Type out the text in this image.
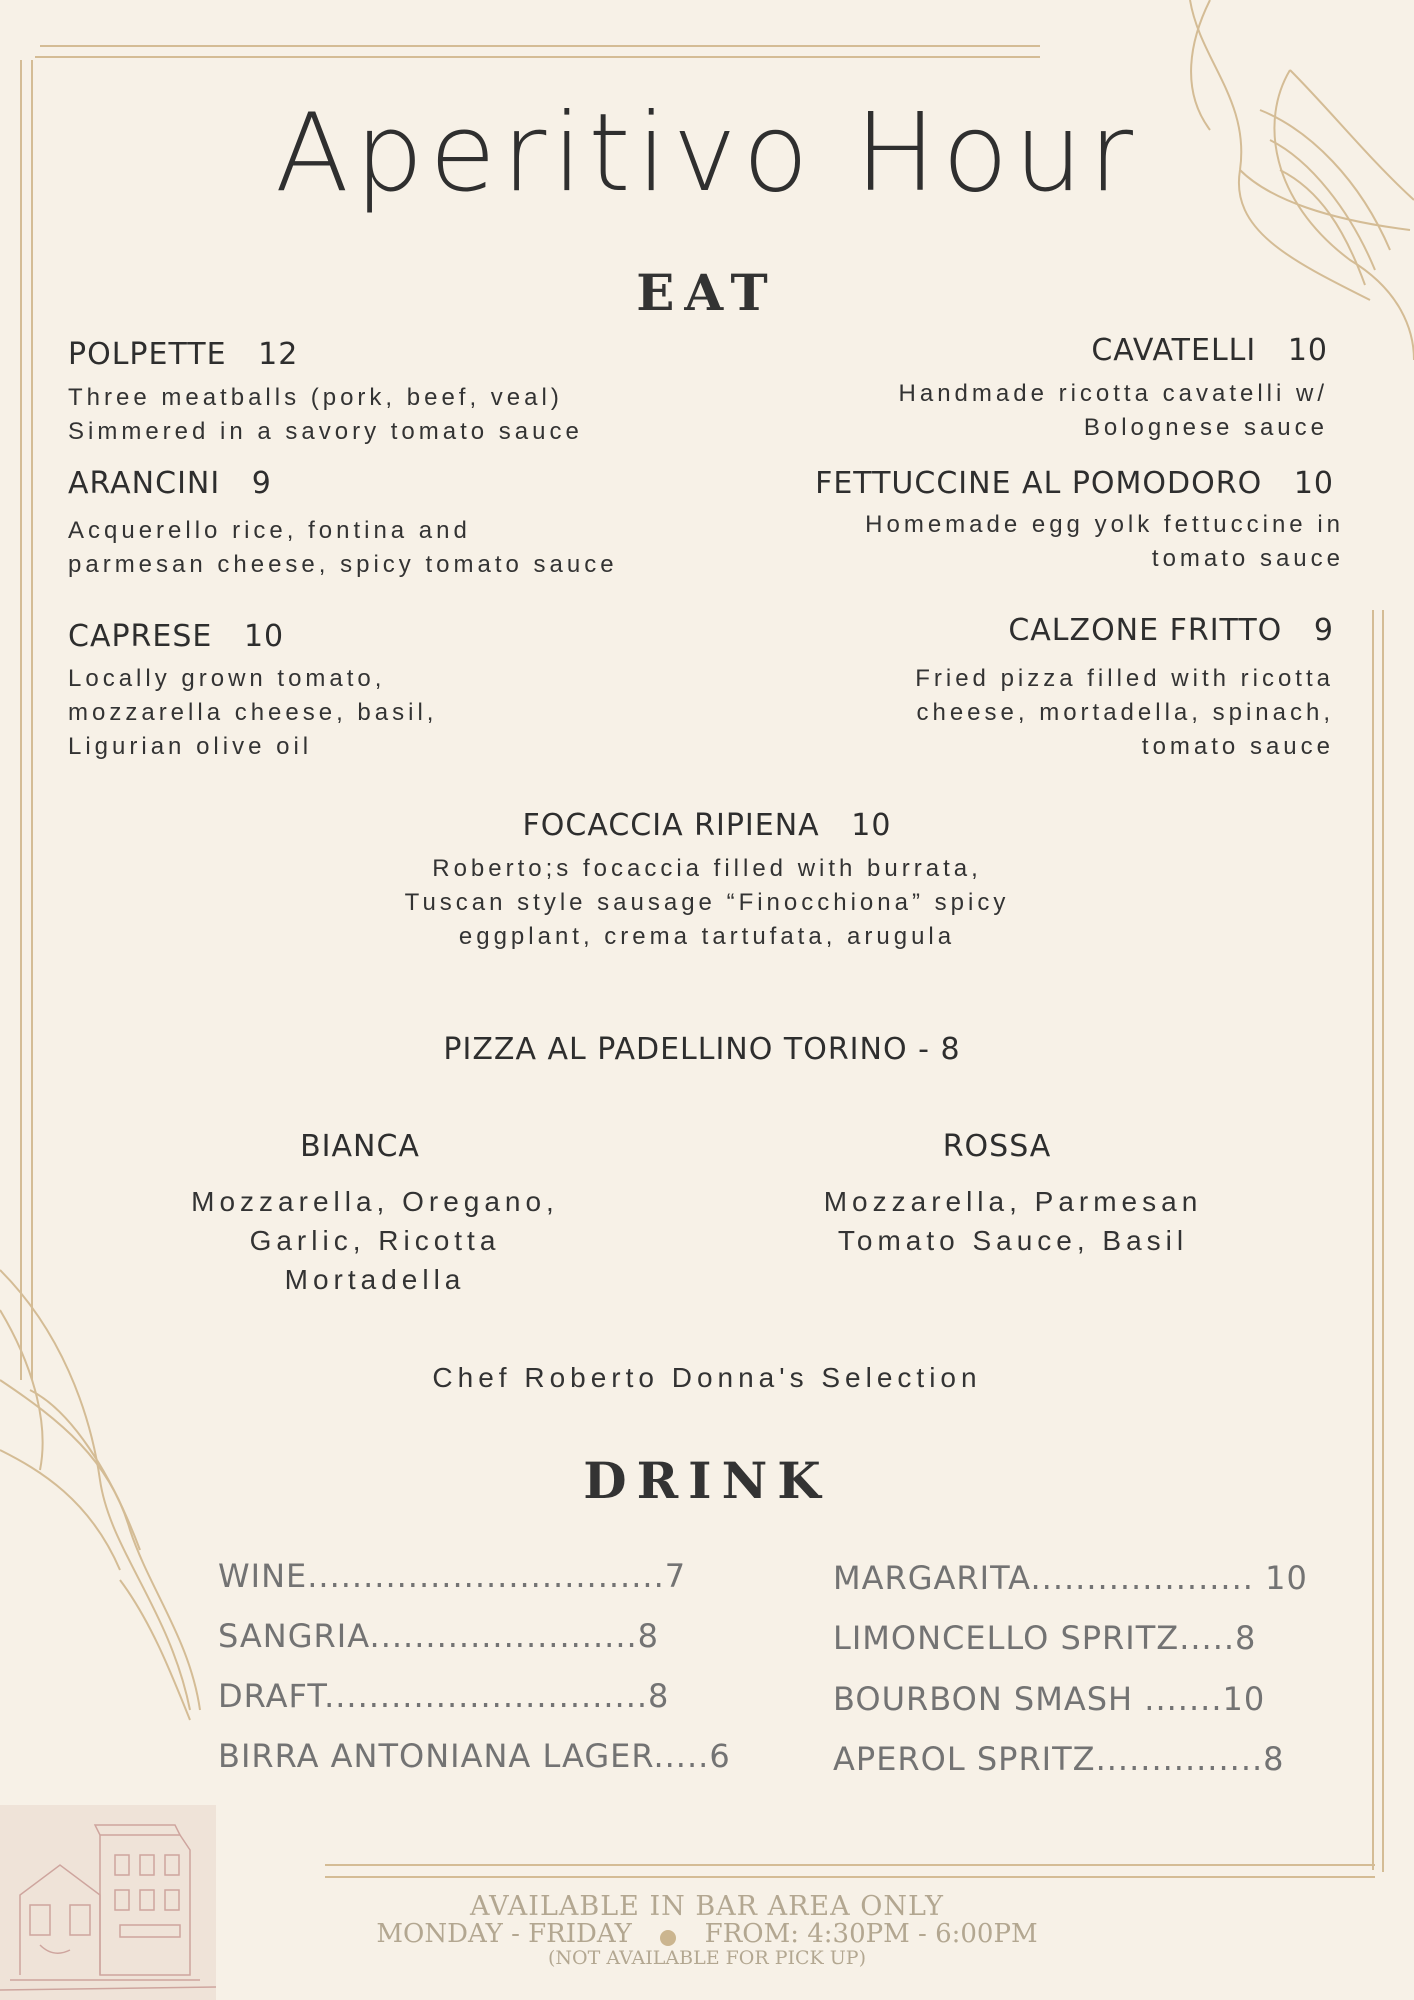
Aperitivo Hour
EAT
POLPETTE   12
Three meatballs (pork, beef, veal)
Simmered in a savory tomato sauce
CAVATELLI   10
Handmade ricotta cavatelli w/
Bolognese sauce
ARANCINI   9
Acquerello rice, fontina and
parmesan cheese, spicy tomato sauce
FETTUCCINE AL POMODORO   10
Homemade egg yolk fettuccine in
tomato sauce
CAPRESE   10
Locally grown tomato,
mozzarella cheese, basil,
Ligurian olive oil
CALZONE FRITTO   9
Fried pizza filled with ricotta
cheese, mortadella, spinach,
tomato sauce
FOCACCIA RIPIENA   10
Roberto;s focaccia filled with burrata,
Tuscan style sausage “Finocchiona” spicy
eggplant, crema tartufata, arugula
PIZZA AL PADELLINO TORINO - 8
BIANCA
Mozzarella, Oregano,
Garlic, Ricotta
Mortadella
ROSSA
Mozzarella, Parmesan
Tomato Sauce, Basil
Chef Roberto Donna's Selection
DRINK
WINE................................7
SANGRIA........................8
DRAFT.............................8
BIRRA ANTONIANA LAGER.....6
MARGARITA.................... 10
LIMONCELLO SPRITZ.....8
BOURBON SMASH .......10
APEROL SPRITZ...............8
AVAILABLE IN BAR AREA ONLY
MONDAY - FRIDAY	FROM: 4:30PM - 6:00PM
(NOT AVAILABLE FOR PICK UP)
